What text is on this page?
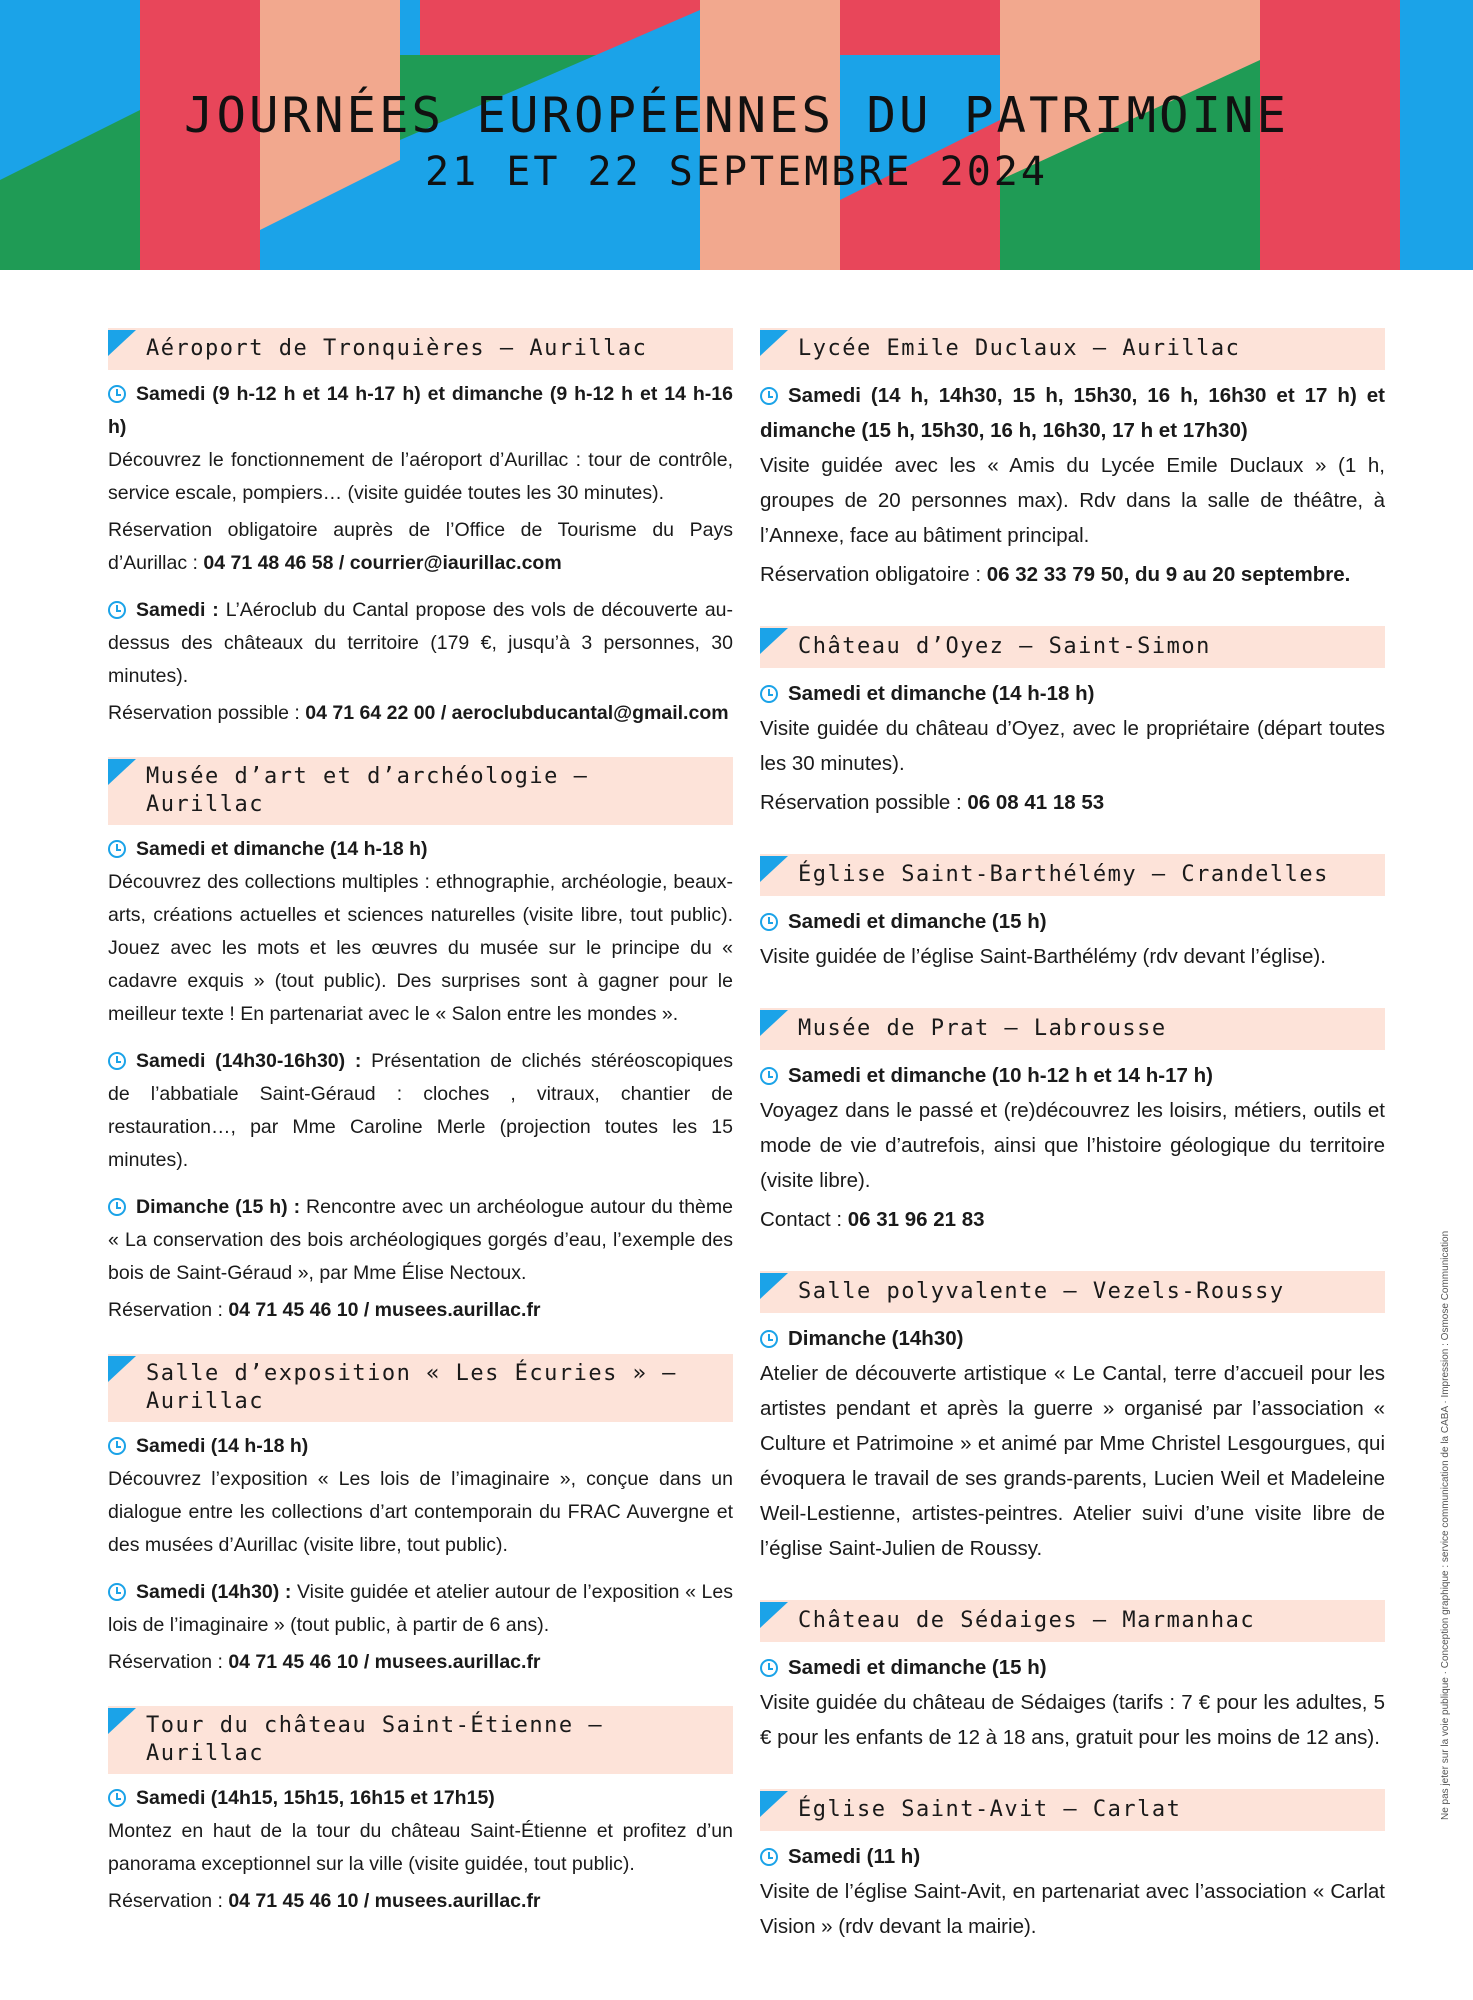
JOURNÉES EUROPÉENNES DU PATRIMOINE
21 ET 22 SEPTEMBRE 2024
Aéroport de Tronquières – Aurillac
Samedi (9 h-12 h et 14 h-17 h) et dimanche (9 h-12 h et 14 h-16 h)
Découvrez le fonctionnement de l’aéroport d’Aurillac : tour de contrôle, service escale, pompiers… (visite guidée toutes les 30 minutes).
Réservation obligatoire auprès de l’Office de Tourisme du Pays d’Aurillac : 04 71 48 46 58 / courrier@iaurillac.com
Samedi : L’Aéroclub du Cantal propose des vols de découverte au-dessus des châteaux du territoire (179 €, jusqu’à 3 personnes, 30 minutes).
Réservation possible : 04 71 64 22 00 / aeroclubducantal@gmail.com
Musée d’art et d’archéologie – Aurillac
Samedi et dimanche (14 h-18 h)
Découvrez des collections multiples : ethnographie, archéologie, beaux-arts, créations actuelles et sciences naturelles (visite libre, tout public). Jouez avec les mots et les œuvres du musée sur le principe du « cadavre exquis » (tout public). Des surprises sont à gagner pour le meilleur texte ! En partenariat avec le « Salon entre les mondes ».
Samedi (14h30-16h30) : Présentation de clichés stéréoscopiques de l’abbatiale Saint-Géraud : cloches , vitraux, chantier de restauration…, par Mme Caroline Merle (projection toutes les 15 minutes).
Dimanche (15 h) : Rencontre avec un archéologue autour du thème « La conservation des bois archéologiques gorgés d’eau, l’exemple des bois de Saint-Géraud », par Mme Élise Nectoux.
Réservation : 04 71 45 46 10 / musees.aurillac.fr
Salle d’exposition « Les Écuries » – Aurillac
Samedi (14 h-18 h)
Découvrez l’exposition « Les lois de l’imaginaire », conçue dans un dialogue entre les collections d’art contemporain du FRAC Auvergne et des musées d’Aurillac (visite libre, tout public).
Samedi (14h30) : Visite guidée et atelier autour de l’exposition « Les lois de l’imaginaire » (tout public, à partir de 6 ans).
Réservation : 04 71 45 46 10 / musees.aurillac.fr
Tour du château Saint-Étienne – Aurillac
Samedi (14h15, 15h15, 16h15 et 17h15)
Montez en haut de la tour du château Saint-Étienne et profitez d’un panorama exceptionnel sur la ville (visite guidée, tout public).
Réservation : 04 71 45 46 10 / musees.aurillac.fr
Lycée Emile Duclaux – Aurillac
Samedi (14 h, 14h30, 15 h, 15h30, 16 h, 16h30 et 17 h) et dimanche (15 h, 15h30, 16 h, 16h30, 17 h et 17h30)
Visite guidée avec les « Amis du Lycée Emile Duclaux » (1 h, groupes de 20 personnes max). Rdv dans la salle de théâtre, à l’Annexe, face au bâtiment principal.
Réservation obligatoire : 06 32 33 79 50, du 9 au 20 septembre.
Château d’Oyez – Saint-Simon
Samedi et dimanche (14 h-18 h)
Visite guidée du château d’Oyez, avec le propriétaire (départ toutes les 30 minutes).
Réservation possible : 06 08 41 18 53
Église Saint-Barthélémy – Crandelles
Samedi et dimanche (15 h)
Visite guidée de l’église Saint-Barthélémy (rdv devant l’église).
Musée de Prat – Labrousse
Samedi et dimanche (10 h-12 h et 14 h-17 h)
Voyagez dans le passé et (re)découvrez les loisirs, métiers, outils et mode de vie d’autrefois, ainsi que l’histoire géologique du territoire (visite libre).
Contact : 06 31 96 21 83
Salle polyvalente – Vezels-Roussy
Dimanche (14h30)
Atelier de découverte artistique « Le Cantal, terre d’accueil pour les artistes pendant et après la guerre » organisé par l’association « Culture et Patrimoine » et animé par Mme Christel Lesgourgues, qui évoquera le travail de ses grands-parents, Lucien Weil et Madeleine Weil-Lestienne, artistes-peintres. Atelier suivi d’une visite libre de l’église Saint-Julien de Roussy.
Château de Sédaiges – Marmanhac
Samedi et dimanche (15 h)
Visite guidée du château de Sédaiges (tarifs : 7 € pour les adultes, 5 € pour les enfants de 12 à 18 ans, gratuit pour les moins de 12 ans).
Église Saint-Avit – Carlat
Samedi (11 h)
Visite de l’église Saint-Avit, en partenariat avec l’association « Carlat Vision » (rdv devant la mairie).
Ne pas jeter sur la voie publique · Conception graphique : service communication de la CABA · Impression : Osmose Communication
